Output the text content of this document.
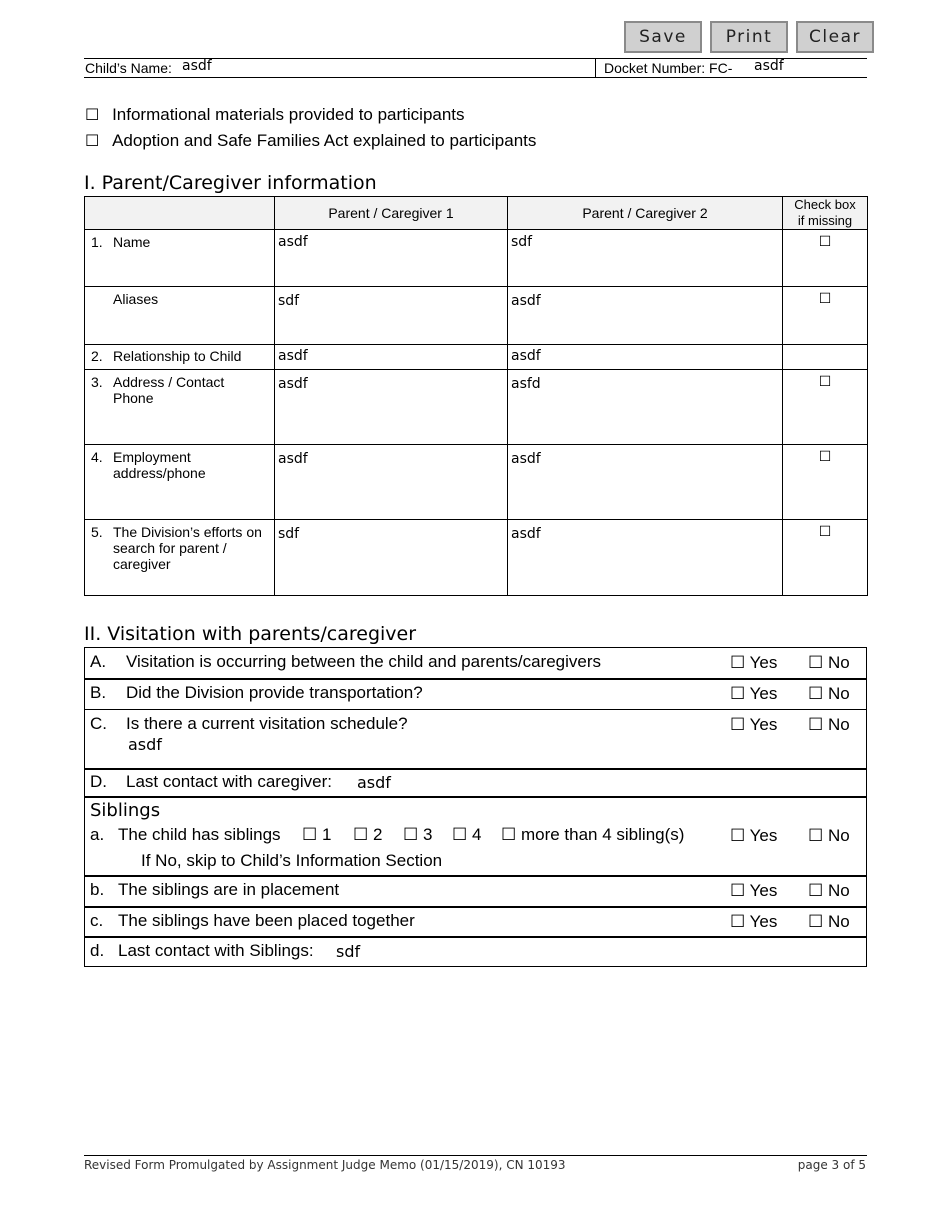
Save	Print	Clear
Child’s Name: asdf	Docket Number: FC- asdf
☐ Informational materials provided to participants
☐ Adoption and Safe Families Act explained to participants
I. Parent/Caregiver information
	Parent / Caregiver 1	Parent / Caregiver 2	Check box
if missing

1. Name	asdf	sdf	☐

Aliases	sdf	asdf	☐

2. Relationship to Child	asdf	asdf	

3. Address / Contact Phone	asdf	asfd	☐

4. Employment address/phone	asdf	asdf	☐

5. The Division’s efforts on search for parent / caregiver	sdf	asdf	☐
II. Visitation with parents/caregiver
A. Visitation is occurring between the child and parents/caregivers	☐ Yes ☐ No
B. Did the Division provide transportation?	☐ Yes ☐ No
C. Is there a current visitation schedule?
asdf
☐ Yes ☐ No
D. Last contact with caregiver: asdf
Siblings
a. The child has siblings ☐ 1 ☐ 2 ☐ 3 ☐ 4 ☐ more than 4 sibling(s)
If No, skip to Child’s Information Section
☐ Yes ☐ No
b. The siblings are in placement	☐ Yes ☐ No
c. The siblings have been placed together	☐ Yes ☐ No
d. Last contact with Siblings: sdf
Revised Form Promulgated by Assignment Judge Memo (01/15/2019), CN 10193	page 3 of 5
